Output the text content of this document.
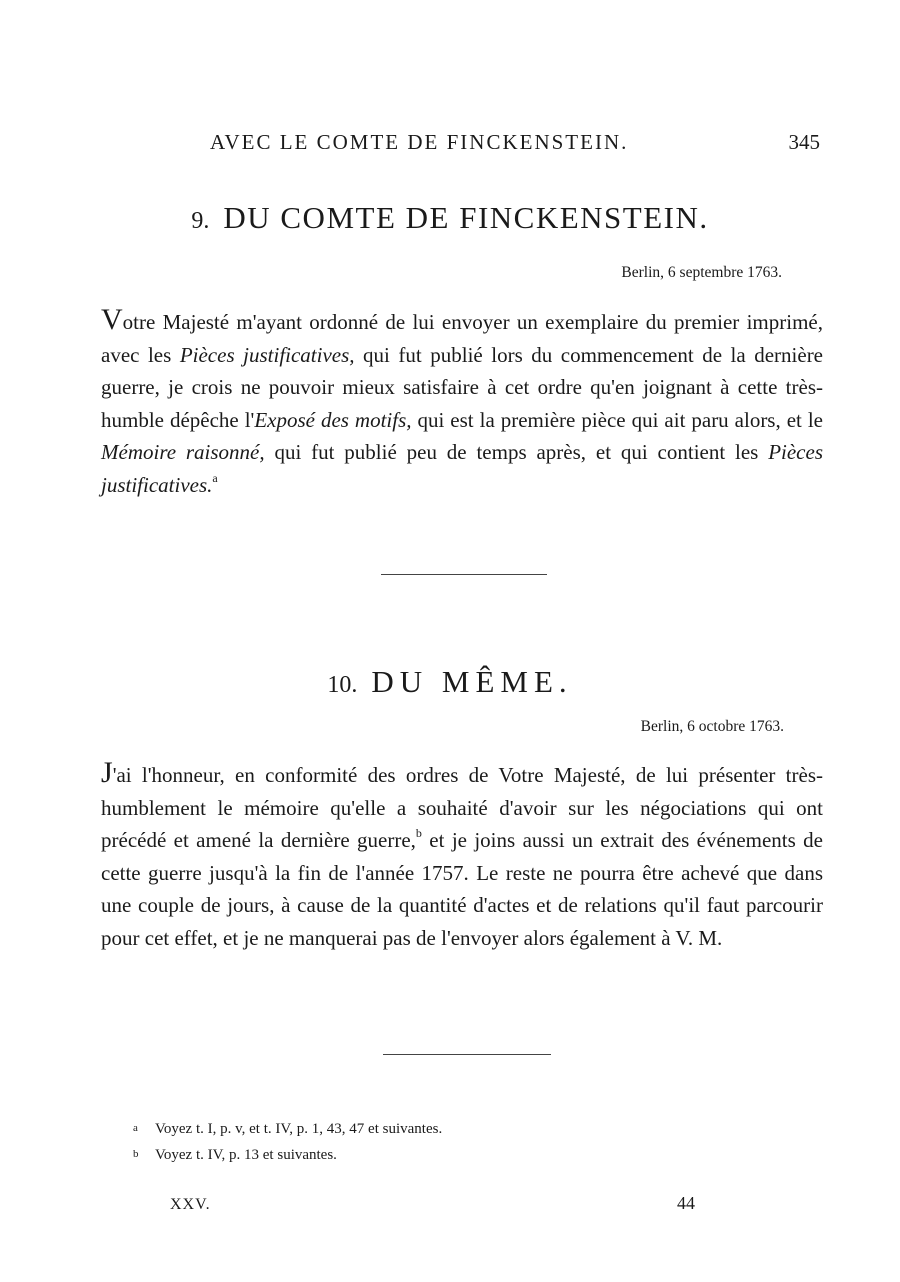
AVEC LE COMTE DE FINCKENSTEIN.	345
9. DU COMTE DE FINCKENSTEIN.
Berlin, 6 septembre 1763.

Votre Majesté m'ayant ordonné de lui envoyer un exemplaire du premier imprimé, avec les Pièces justificatives, qui fut publié lors du commencement de la dernière guerre, je crois ne pouvoir mieux satisfaire à cet ordre qu'en joignant à cette très-humble dépêche l'Exposé des motifs, qui est la première pièce qui ait paru alors, et le Mémoire raisonné, qui fut publié peu de temps après, et qui contient les Pièces justificatives.$^a$

10. DU MÊME.
Berlin, 6 octobre 1763.

J'ai l'honneur, en conformité des ordres de Votre Majesté, de lui présenter très-humblement le mémoire qu'elle a souhaité d'avoir sur les négociations qui ont précédé et amené la dernière guerre,$^b$ et je joins aussi un extrait des événements de cette guerre jusqu'à la fin de l'année 1757. Le reste ne pourra être achevé que dans une couple de jours, à cause de la quantité d'actes et de relations qu'il faut parcourir pour cet effet, et je ne manquerai pas de l'envoyer alors également à V. M.

a Voyez t. I, p. v, et t. IV, p. 1, 43, 47 et suivantes.
b Voyez t. IV, p. 13 et suivantes.
XXV.	44
